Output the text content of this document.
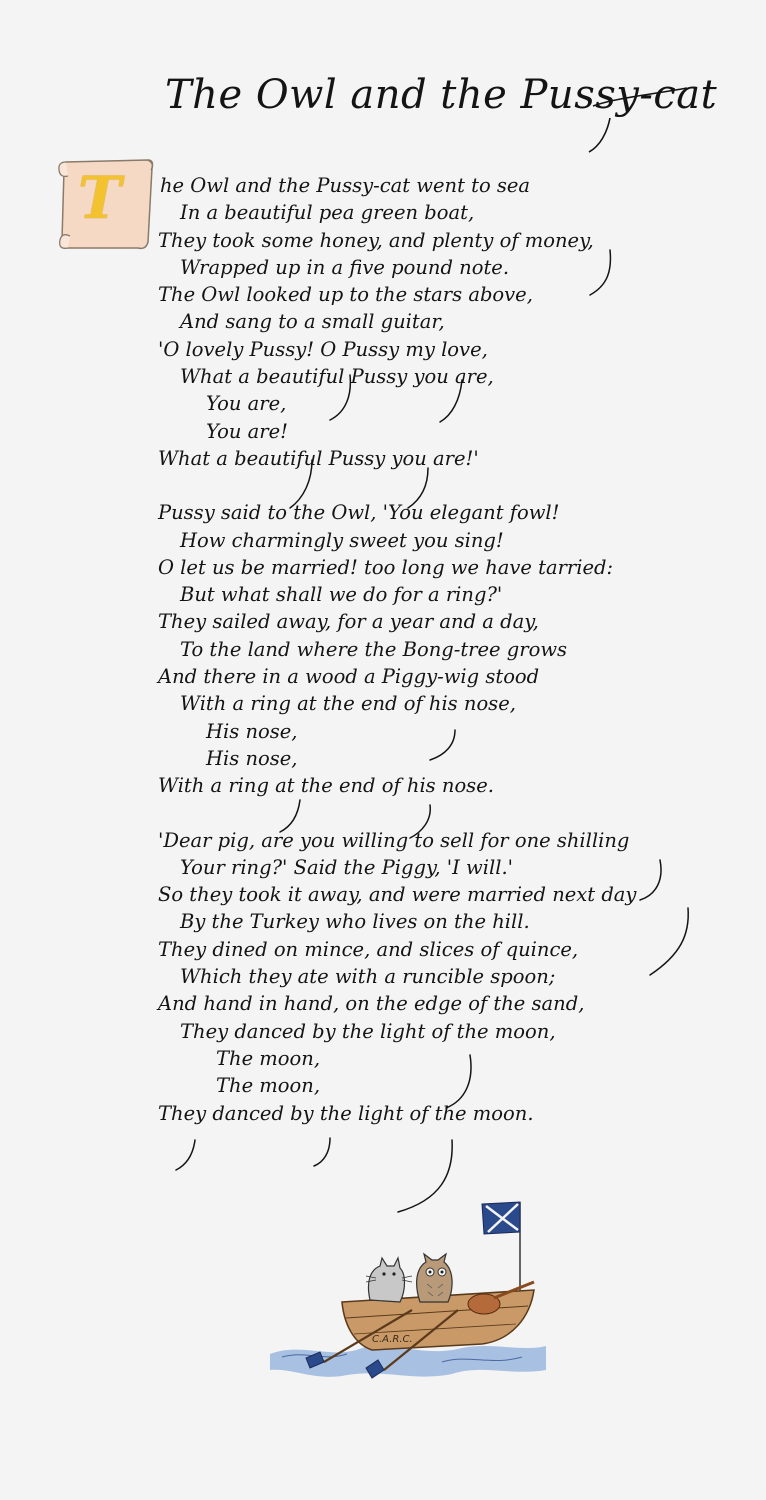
The Owl and the Pussy-cat
T he Owl and the Pussy-cat went to sea
In a beautiful pea green boat,
They took some honey, and plenty of money,
Wrapped up in a five pound note.
The Owl looked up to the stars above,
And sang to a small guitar,
'O lovely Pussy! O Pussy my love,
What a beautiful Pussy you are,
You are,
You are!
What a beautiful Pussy you are!'
Pussy said to the Owl, 'You elegant fowl!
How charmingly sweet you sing!
O let us be married! too long we have tarried:
But what shall we do for a ring?'
They sailed away, for a year and a day,
To the land where the Bong-tree grows
And there in a wood a Piggy-wig stood
With a ring at the end of his nose,
His nose,
His nose,
With a ring at the end of his nose.
'Dear pig, are you willing to sell for one shilling
Your ring?' Said the Piggy, 'I will.'
So they took it away, and were married next day
By the Turkey who lives on the hill.
They dined on mince, and slices of quince,
Which they ate with a runcible spoon;
And hand in hand, on the edge of the sand,
They danced by the light of the moon,
The moon,
The moon,
They danced by the light of the moon.
C.A.R.C.
